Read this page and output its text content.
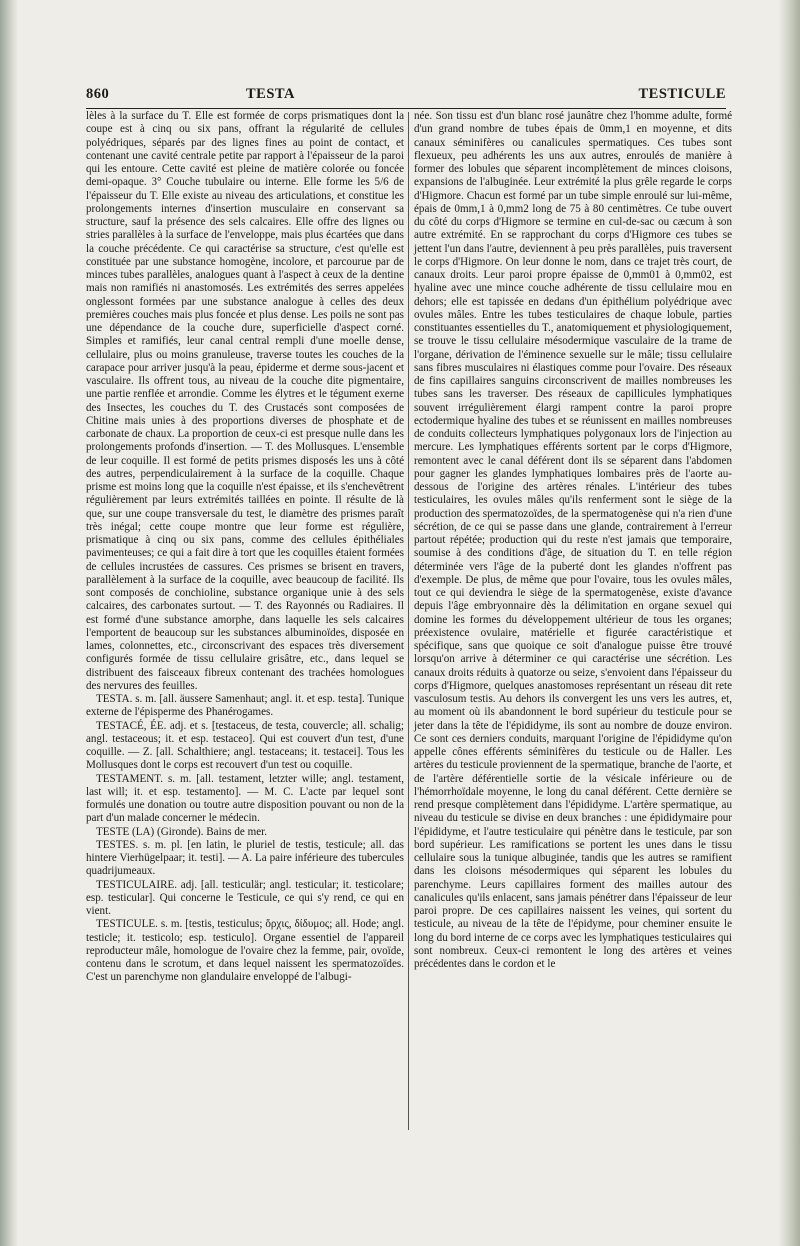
860	TESTA	TESTICULE

lèles à la surface du T. Elle est formée de corps prismatiques dont la coupe est à cinq ou six pans, offrant la régularité de cellules polyédriques, séparés par des lignes fines au point de contact, et contenant une cavité centrale petite par rapport à l'épaisseur de la paroi qui les entoure. Cette cavité est pleine de matière colorée ou foncée demi-opaque. 3° Couche tubulaire ou interne. Elle forme les 5/6 de l'épaisseur du T. Elle existe au niveau des articulations, et constitue les prolongements internes d'insertion musculaire en conservant sa structure, sauf la présence des sels calcaires. Elle offre des lignes ou stries parallèles à la surface de l'enveloppe, mais plus écartées que dans la couche précédente. Ce qui caractérise sa structure, c'est qu'elle est constituée par une substance homogène, incolore, et parcourue par de minces tubes parallèles, analogues quant à l'aspect à ceux de la dentine mais non ramifiés ni anastomosés. Les extrémités des serres appelées onglessont formées par une substance analogue à celles des deux premières couches mais plus foncée et plus dense. Les poils ne sont pas une dépendance de la couche dure, superficielle d'aspect corné. Simples et ramifiés, leur canal central rempli d'une moelle dense, cellulaire, plus ou moins granuleuse, traverse toutes les couches de la carapace pour arriver jusqu'à la peau, épiderme et derme sous-jacent et vasculaire. Ils offrent tous, au niveau de la couche dite pigmentaire, une partie renflée et arrondie. Comme les élytres et le tégument exerne des Insectes, les couches du T. des Crustacés sont composées de Chitine mais unies à des proportions diverses de phosphate et de carbonate de chaux. La proportion de ceux-ci est presque nulle dans les prolongements profonds d'insertion. — T. des Mollusques. L'ensemble de leur coquille. Il est formé de petits prismes disposés les uns à côté des autres, perpendiculairement à la surface de la coquille. Chaque prisme est moins long que la coquille n'est épaisse, et ils s'enchevêtrent régulièrement par leurs extrémités taillées en pointe. Il résulte de là que, sur une coupe transversale du test, le diamètre des prismes paraît très inégal; cette coupe montre que leur forme est régulière, prismatique à cinq ou six pans, comme des cellules épithéliales pavimenteuses; ce qui a fait dire à tort que les coquilles étaient formées de cellules incrustées de cassures. Ces prismes se brisent en travers, parallèlement à la surface de la coquille, avec beaucoup de facilité. Ils sont composés de conchioline, substance organique unie à des sels calcaires, des carbonates surtout. — T. des Rayonnés ou Radiaires. Il est formé d'une substance amorphe, dans laquelle les sels calcaires l'emportent de beaucoup sur les substances albuminoïdes, disposée en lames, colonnettes, etc., circonscrivant des espaces très diversement configurés formée de tissu cellulaire grisâtre, etc., dans lequel se distribuent des faisceaux fibreux contenant des trachées homologues des nervures des feuilles.

TESTA. s. m. [all. äussere Samenhaut; angl. it. et esp. testa]. Tunique externe de l'épisperme des Phanérogames.

TESTACÉ, ÉE. adj. et s. [testaceus, de testa, couvercle; all. schalig; angl. testaceous; it. et esp. testaceo]. Qui est couvert d'un test, d'une coquille. — Z. [all. Schalthiere; angl. testaceans; it. testacei]. Tous les Mollusques dont le corps est recouvert d'un test ou coquille.

TESTAMENT. s. m. [all. testament, letzter wille; angl. testament, last will; it. et esp. testamento]. — M. C. L'acte par lequel sont formulés une donation ou toutre autre disposition pouvant ou non de la part d'un malade concerner le médecin.

TESTE (LA) (Gironde). Bains de mer.

TESTES. s. m. pl. [en latin, le pluriel de testis, testicule; all. das hintere Vierhügelpaar; it. testi]. — A. La paire inférieure des tubercules quadrijumeaux.

TESTICULAIRE. adj. [all. testiculär; angl. testicular; it. testicolare; esp. testicular]. Qui concerne le Testicule, ce qui s'y rend, ce qui en vient.

TESTICULE. s. m. [testis, testiculus; ὄρχις, δίδυμος; all. Hode; angl. testicle; it. testicolo; esp. testiculo]. Organe essentiel de l'appareil reproducteur mâle, homologue de l'ovaire chez la femme, pair, ovoïde, contenu dans le scrotum, et dans lequel naissent les spermatozoïdes. C'est un parenchyme non glandulaire enveloppé de l'albugi-

née. Son tissu est d'un blanc rosé jaunâtre chez l'homme adulte, formé d'un grand nombre de tubes épais de 0mm,1 en moyenne, et dits canaux séminifères ou canalicules spermatiques. Ces tubes sont flexueux, peu adhérents les uns aux autres, enroulés de manière à former des lobules que séparent incomplètement de minces cloisons, expansions de l'albuginée. Leur extrémité la plus grêle regarde le corps d'Higmore. Chacun est formé par un tube simple enroulé sur lui-même, épais de 0mm,1 à 0,mm2 long de 75 à 80 centimètres. Ce tube ouvert du côté du corps d'Higmore se termine en cul-de-sac ou cæcum à son autre extrémité. En se rapprochant du corps d'Higmore ces tubes se jettent l'un dans l'autre, deviennent à peu près parallèles, puis traversent le corps d'Higmore. On leur donne le nom, dans ce trajet très court, de canaux droits. Leur paroi propre épaisse de 0,mm01 à 0,mm02, est hyaline avec une mince couche adhérente de tissu cellulaire mou en dehors; elle est tapissée en dedans d'un épithélium polyédrique avec ovules mâles. Entre les tubes testiculaires de chaque lobule, parties constituantes essentielles du T., anatomiquement et physiologiquement, se trouve le tissu cellulaire mésodermique vasculaire de la trame de l'organe, dérivation de l'éminence sexuelle sur le mâle; tissu cellulaire sans fibres musculaires ni élastiques comme pour l'ovaire. Des réseaux de fins capillaires sanguins circonscrivent de mailles nombreuses les tubes sans les traverser. Des réseaux de capillicules lymphatiques souvent irrégulièrement élargi rampent contre la paroi propre ectodermique hyaline des tubes et se réunissent en mailles nombreuses de conduits collecteurs lymphatiques polygonaux lors de l'injection au mercure. Les lymphatiques efférents sortent par le corps d'Higmore, remontent avec le canal déférent dont ils se séparent dans l'abdomen pour gagner les glandes lymphatiques lombaires près de l'aorte au-dessous de l'origine des artères rénales. L'intérieur des tubes testiculaires, les ovules mâles qu'ils renferment sont le siège de la production des spermatozoïdes, de la spermatogenèse qui n'a rien d'une sécrétion, de ce qui se passe dans une glande, contrairement à l'erreur partout répétée; production qui du reste n'est jamais que temporaire, soumise à des conditions d'âge, de situation du T. en telle région déterminée vers l'âge de la puberté dont les glandes n'offrent pas d'exemple. De plus, de même que pour l'ovaire, tous les ovules mâles, tout ce qui deviendra le siège de la spermatogenèse, existe d'avance depuis l'âge embryonnaire dès la délimitation en organe sexuel qui domine les formes du développement ultérieur de tous les organes; préexistence ovulaire, matérielle et figurée caractéristique et spécifique, sans que quoique ce soit d'analogue puisse être trouvé lorsqu'on arrive à déterminer ce qui caractérise une sécrétion. Les canaux droits réduits à quatorze ou seize, s'envoient dans l'épaisseur du corps d'Higmore, quelques anastomoses représentant un réseau dit rete vasculosum testis. Au dehors ils convergent les uns vers les autres, et, au moment où ils abandonnent le bord supérieur du testicule pour se jeter dans la tête de l'épididyme, ils sont au nombre de douze environ. Ce sont ces derniers conduits, marquant l'origine de l'épididyme qu'on appelle cônes efférents séminifères du testicule ou de Haller. Les artères du testicule proviennent de la spermatique, branche de l'aorte, et de l'artère déférentielle sortie de la vésicale inférieure ou de l'hémorrhoïdale moyenne, le long du canal déférent. Cette dernière se rend presque complètement dans l'épididyme. L'artère spermatique, au niveau du testicule se divise en deux branches : une épididymaire pour l'épididyme, et l'autre testiculaire qui pénètre dans le testicule, par son bord supérieur. Les ramifications se portent les unes dans le tissu cellulaire sous la tunique albuginée, tandis que les autres se ramifient dans les cloisons mésodermiques qui séparent les lobules du parenchyme. Leurs capillaires forment des mailles autour des canalicules qu'ils enlacent, sans jamais pénétrer dans l'épaisseur de leur paroi propre. De ces capillaires naissent les veines, qui sortent du testicule, au niveau de la tête de l'épidyme, pour cheminer ensuite le long du bord interne de ce corps avec les lymphatiques testiculaires qui sont nombreux. Ceux-ci remontent le long des artères et veines précédentes dans le cordon et le
